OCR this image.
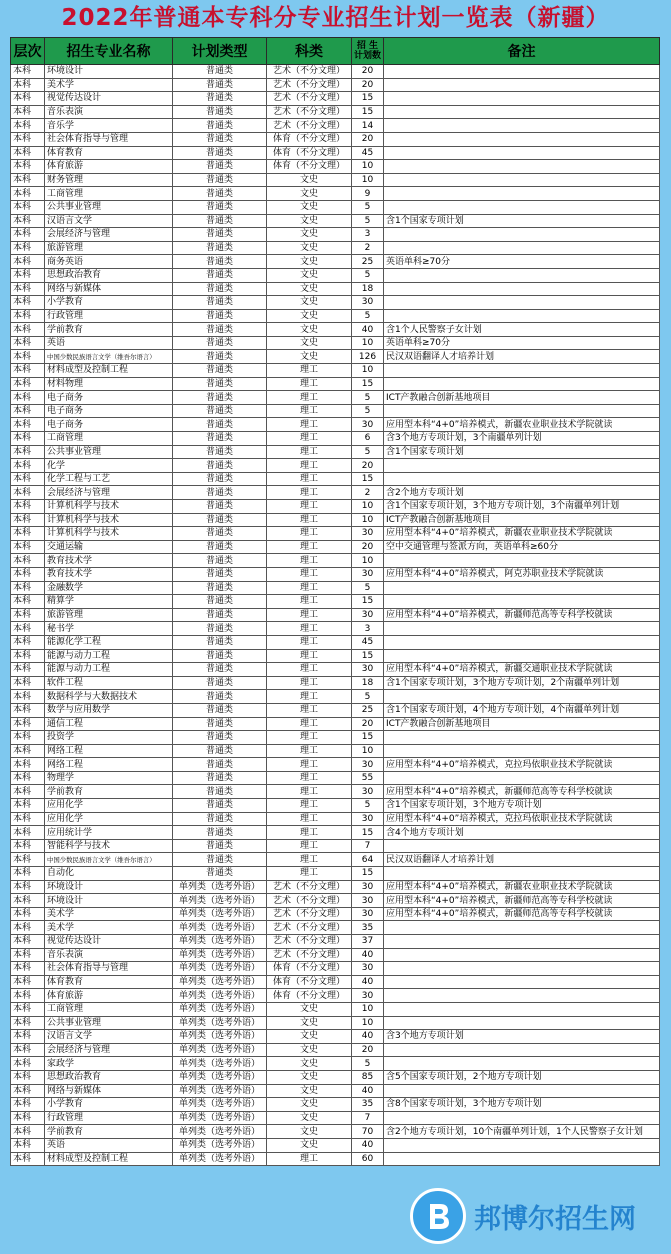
2022年普通本专科分专业招生计划一览表（新疆）
层次	招生专业名称	计划类型	科类	招 生
计划数	备注
本科	环境设计	普通类	艺术（不分文理）	20	
本科	美术学	普通类	艺术（不分文理）	20	
本科	视觉传达设计	普通类	艺术（不分文理）	15	
本科	音乐表演	普通类	艺术（不分文理）	15	
本科	音乐学	普通类	艺术（不分文理）	14	
本科	社会体育指导与管理	普通类	体育（不分文理）	20	
本科	体育教育	普通类	体育（不分文理）	45	
本科	体育旅游	普通类	体育（不分文理）	10	
本科	财务管理	普通类	文史	10	
本科	工商管理	普通类	文史	9	
本科	公共事业管理	普通类	文史	5	
本科	汉语言文学	普通类	文史	5	含1个国家专项计划
本科	会展经济与管理	普通类	文史	3	
本科	旅游管理	普通类	文史	2	
本科	商务英语	普通类	文史	25	英语单科≥70分
本科	思想政治教育	普通类	文史	5	
本科	网络与新媒体	普通类	文史	18	
本科	小学教育	普通类	文史	30	
本科	行政管理	普通类	文史	5	
本科	学前教育	普通类	文史	40	含1个人民警察子女计划
本科	英语	普通类	文史	10	英语单科≥70分
本科	中国少数民族语言文学（维吾尔语言）	普通类	文史	126	民汉双语翻译人才培养计划
本科	材料成型及控制工程	普通类	理工	10	
本科	材料物理	普通类	理工	15	
本科	电子商务	普通类	理工	5	ICT产教融合创新基地项目
本科	电子商务	普通类	理工	5	
本科	电子商务	普通类	理工	30	应用型本科“4+0”培养模式，新疆农业职业技术学院就读
本科	工商管理	普通类	理工	6	含3个地方专项计划，3个南疆单列计划
本科	公共事业管理	普通类	理工	5	含1个国家专项计划
本科	化学	普通类	理工	20	
本科	化学工程与工艺	普通类	理工	15	
本科	会展经济与管理	普通类	理工	2	含2个地方专项计划
本科	计算机科学与技术	普通类	理工	10	含1个国家专项计划，3个地方专项计划，3个南疆单列计划
本科	计算机科学与技术	普通类	理工	10	ICT产教融合创新基地项目
本科	计算机科学与技术	普通类	理工	30	应用型本科“4+0”培养模式，新疆农业职业技术学院就读
本科	交通运输	普通类	理工	20	空中交通管理与签派方向，英语单科≥60分
本科	教育技术学	普通类	理工	10	
本科	教育技术学	普通类	理工	30	应用型本科“4+0”培养模式，阿克苏职业技术学院就读
本科	金融数学	普通类	理工	5	
本科	精算学	普通类	理工	15	
本科	旅游管理	普通类	理工	30	应用型本科“4+0”培养模式，新疆师范高等专科学校就读
本科	秘书学	普通类	理工	3	
本科	能源化学工程	普通类	理工	45	
本科	能源与动力工程	普通类	理工	15	
本科	能源与动力工程	普通类	理工	30	应用型本科“4+0”培养模式，新疆交通职业技术学院就读
本科	软件工程	普通类	理工	18	含1个国家专项计划，3个地方专项计划，2个南疆单列计划
本科	数据科学与大数据技术	普通类	理工	5	
本科	数学与应用数学	普通类	理工	25	含1个国家专项计划，4个地方专项计划，4个南疆单列计划
本科	通信工程	普通类	理工	20	ICT产教融合创新基地项目
本科	投资学	普通类	理工	15	
本科	网络工程	普通类	理工	10	
本科	网络工程	普通类	理工	30	应用型本科“4+0”培养模式，克拉玛依职业技术学院就读
本科	物理学	普通类	理工	55	
本科	学前教育	普通类	理工	30	应用型本科“4+0”培养模式，新疆师范高等专科学校就读
本科	应用化学	普通类	理工	5	含1个国家专项计划，3个地方专项计划
本科	应用化学	普通类	理工	30	应用型本科“4+0”培养模式，克拉玛依职业技术学院就读
本科	应用统计学	普通类	理工	15	含4个地方专项计划
本科	智能科学与技术	普通类	理工	7	
本科	中国少数民族语言文学（维吾尔语言）	普通类	理工	64	民汉双语翻译人才培养计划
本科	自动化	普通类	理工	15	
本科	环境设计	单列类（选考外语）	艺术（不分文理）	30	应用型本科“4+0”培养模式，新疆农业职业技术学院就读
本科	环境设计	单列类（选考外语）	艺术（不分文理）	30	应用型本科“4+0”培养模式，新疆师范高等专科学校就读
本科	美术学	单列类（选考外语）	艺术（不分文理）	30	应用型本科“4+0”培养模式，新疆师范高等专科学校就读
本科	美术学	单列类（选考外语）	艺术（不分文理）	35	
本科	视觉传达设计	单列类（选考外语）	艺术（不分文理）	37	
本科	音乐表演	单列类（选考外语）	艺术（不分文理）	40	
本科	社会体育指导与管理	单列类（选考外语）	体育（不分文理）	30	
本科	体育教育	单列类（选考外语）	体育（不分文理）	40	
本科	体育旅游	单列类（选考外语）	体育（不分文理）	30	
本科	工商管理	单列类（选考外语）	文史	10	
本科	公共事业管理	单列类（选考外语）	文史	10	
本科	汉语言文学	单列类（选考外语）	文史	40	含3个地方专项计划
本科	会展经济与管理	单列类（选考外语）	文史	20	
本科	家政学	单列类（选考外语）	文史	5	
本科	思想政治教育	单列类（选考外语）	文史	85	含5个国家专项计划，2个地方专项计划
本科	网络与新媒体	单列类（选考外语）	文史	40	
本科	小学教育	单列类（选考外语）	文史	35	含8个国家专项计划，3个地方专项计划
本科	行政管理	单列类（选考外语）	文史	7	
本科	学前教育	单列类（选考外语）	文史	70	含2个地方专项计划，10个南疆单列计划，1个人民警察子女计划
本科	英语	单列类（选考外语）	文史	40	
本科	材料成型及控制工程	单列类（选考外语）	理工	60	
邦博尔招生网
